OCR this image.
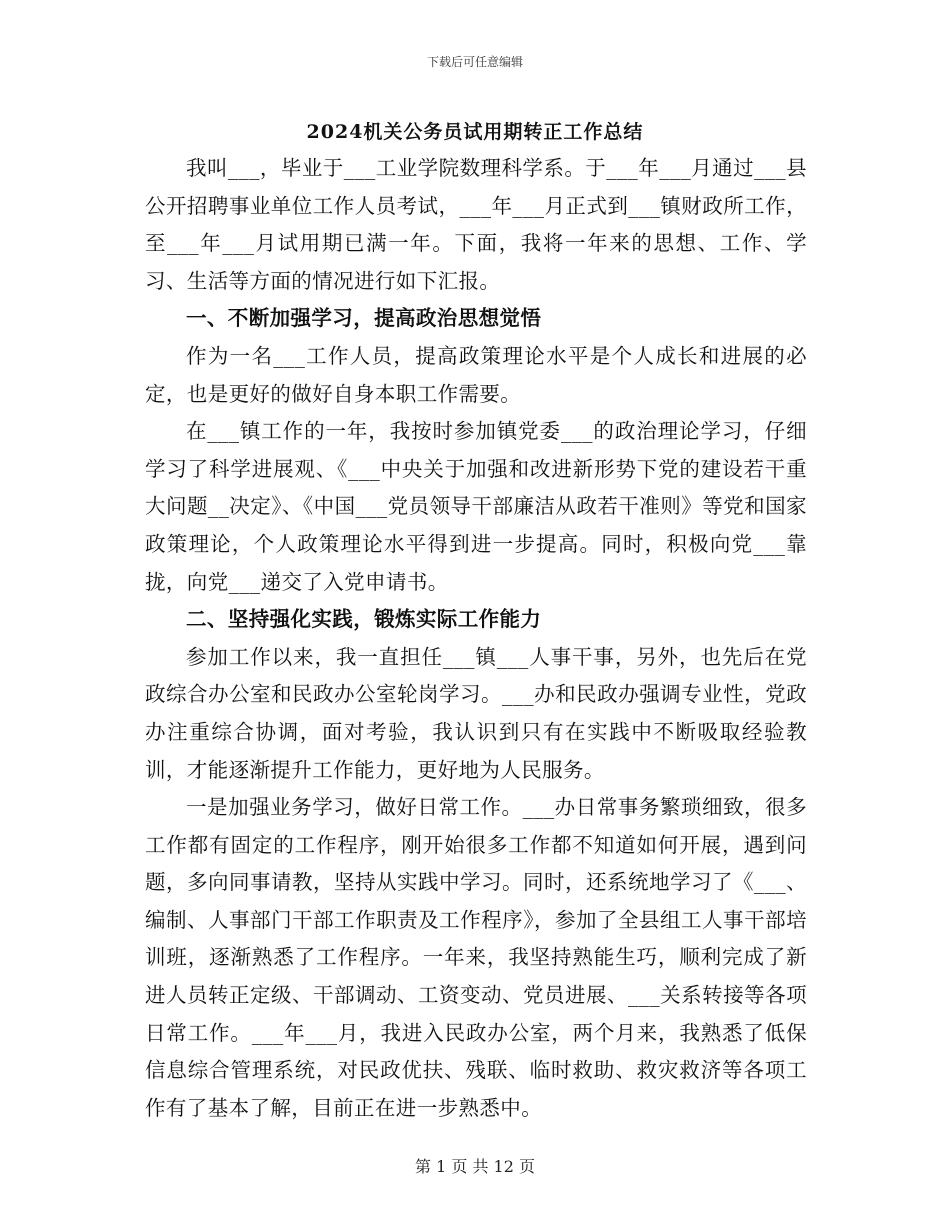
下载后可任意编辑
2024机关公务员试用期转正工作总结

我叫___，毕业于___工业学院数理科学系。于___年___月通过___县公开招聘事业单位工作人员考试，___年___月正式到___镇财政所工作，至___年___月试用期已满一年。下面，我将一年来的思想、工作、学习、生活等方面的情况进行如下汇报。

一、不断加强学习，提高政治思想觉悟

作为一名___工作人员，提高政策理论水平是个人成长和进展的必定，也是更好的做好自身本职工作需要。

在___镇工作的一年，我按时参加镇党委___的政治理论学习，仔细学习了科学进展观、《___中央关于加强和改进新形势下党的建设若干重大问题__决定》、《中国___党员领导干部廉洁从政若干准则》等党和国家政策理论，个人政策理论水平得到进一步提高。同时，积极向党___靠拢，向党___递交了入党申请书。

二、坚持强化实践，锻炼实际工作能力

参加工作以来，我一直担任___镇___人事干事，另外，也先后在党政综合办公室和民政办公室轮岗学习。___办和民政办强调专业性，党政办注重综合协调，面对考验，我认识到只有在实践中不断吸取经验教训，才能逐渐提升工作能力，更好地为人民服务。

一是加强业务学习，做好日常工作。___办日常事务繁琐细致，很多工作都有固定的工作程序，刚开始很多工作都不知道如何开展，遇到问题，多向同事请教，坚持从实践中学习。同时，还系统地学习了《___、编制、人事部门干部工作职责及工作程序》，参加了全县组工人事干部培训班，逐渐熟悉了工作程序。一年来，我坚持熟能生巧，顺利完成了新进人员转正定级、干部调动、工资变动、党员进展、___关系转接等各项日常工作。___年___月，我进入民政办公室，两个月来，我熟悉了低保信息综合管理系统，对民政优扶、残联、临时救助、救灾救济等各项工作有了基本了解，目前正在进一步熟悉中。

第 1 页 共 12 页
